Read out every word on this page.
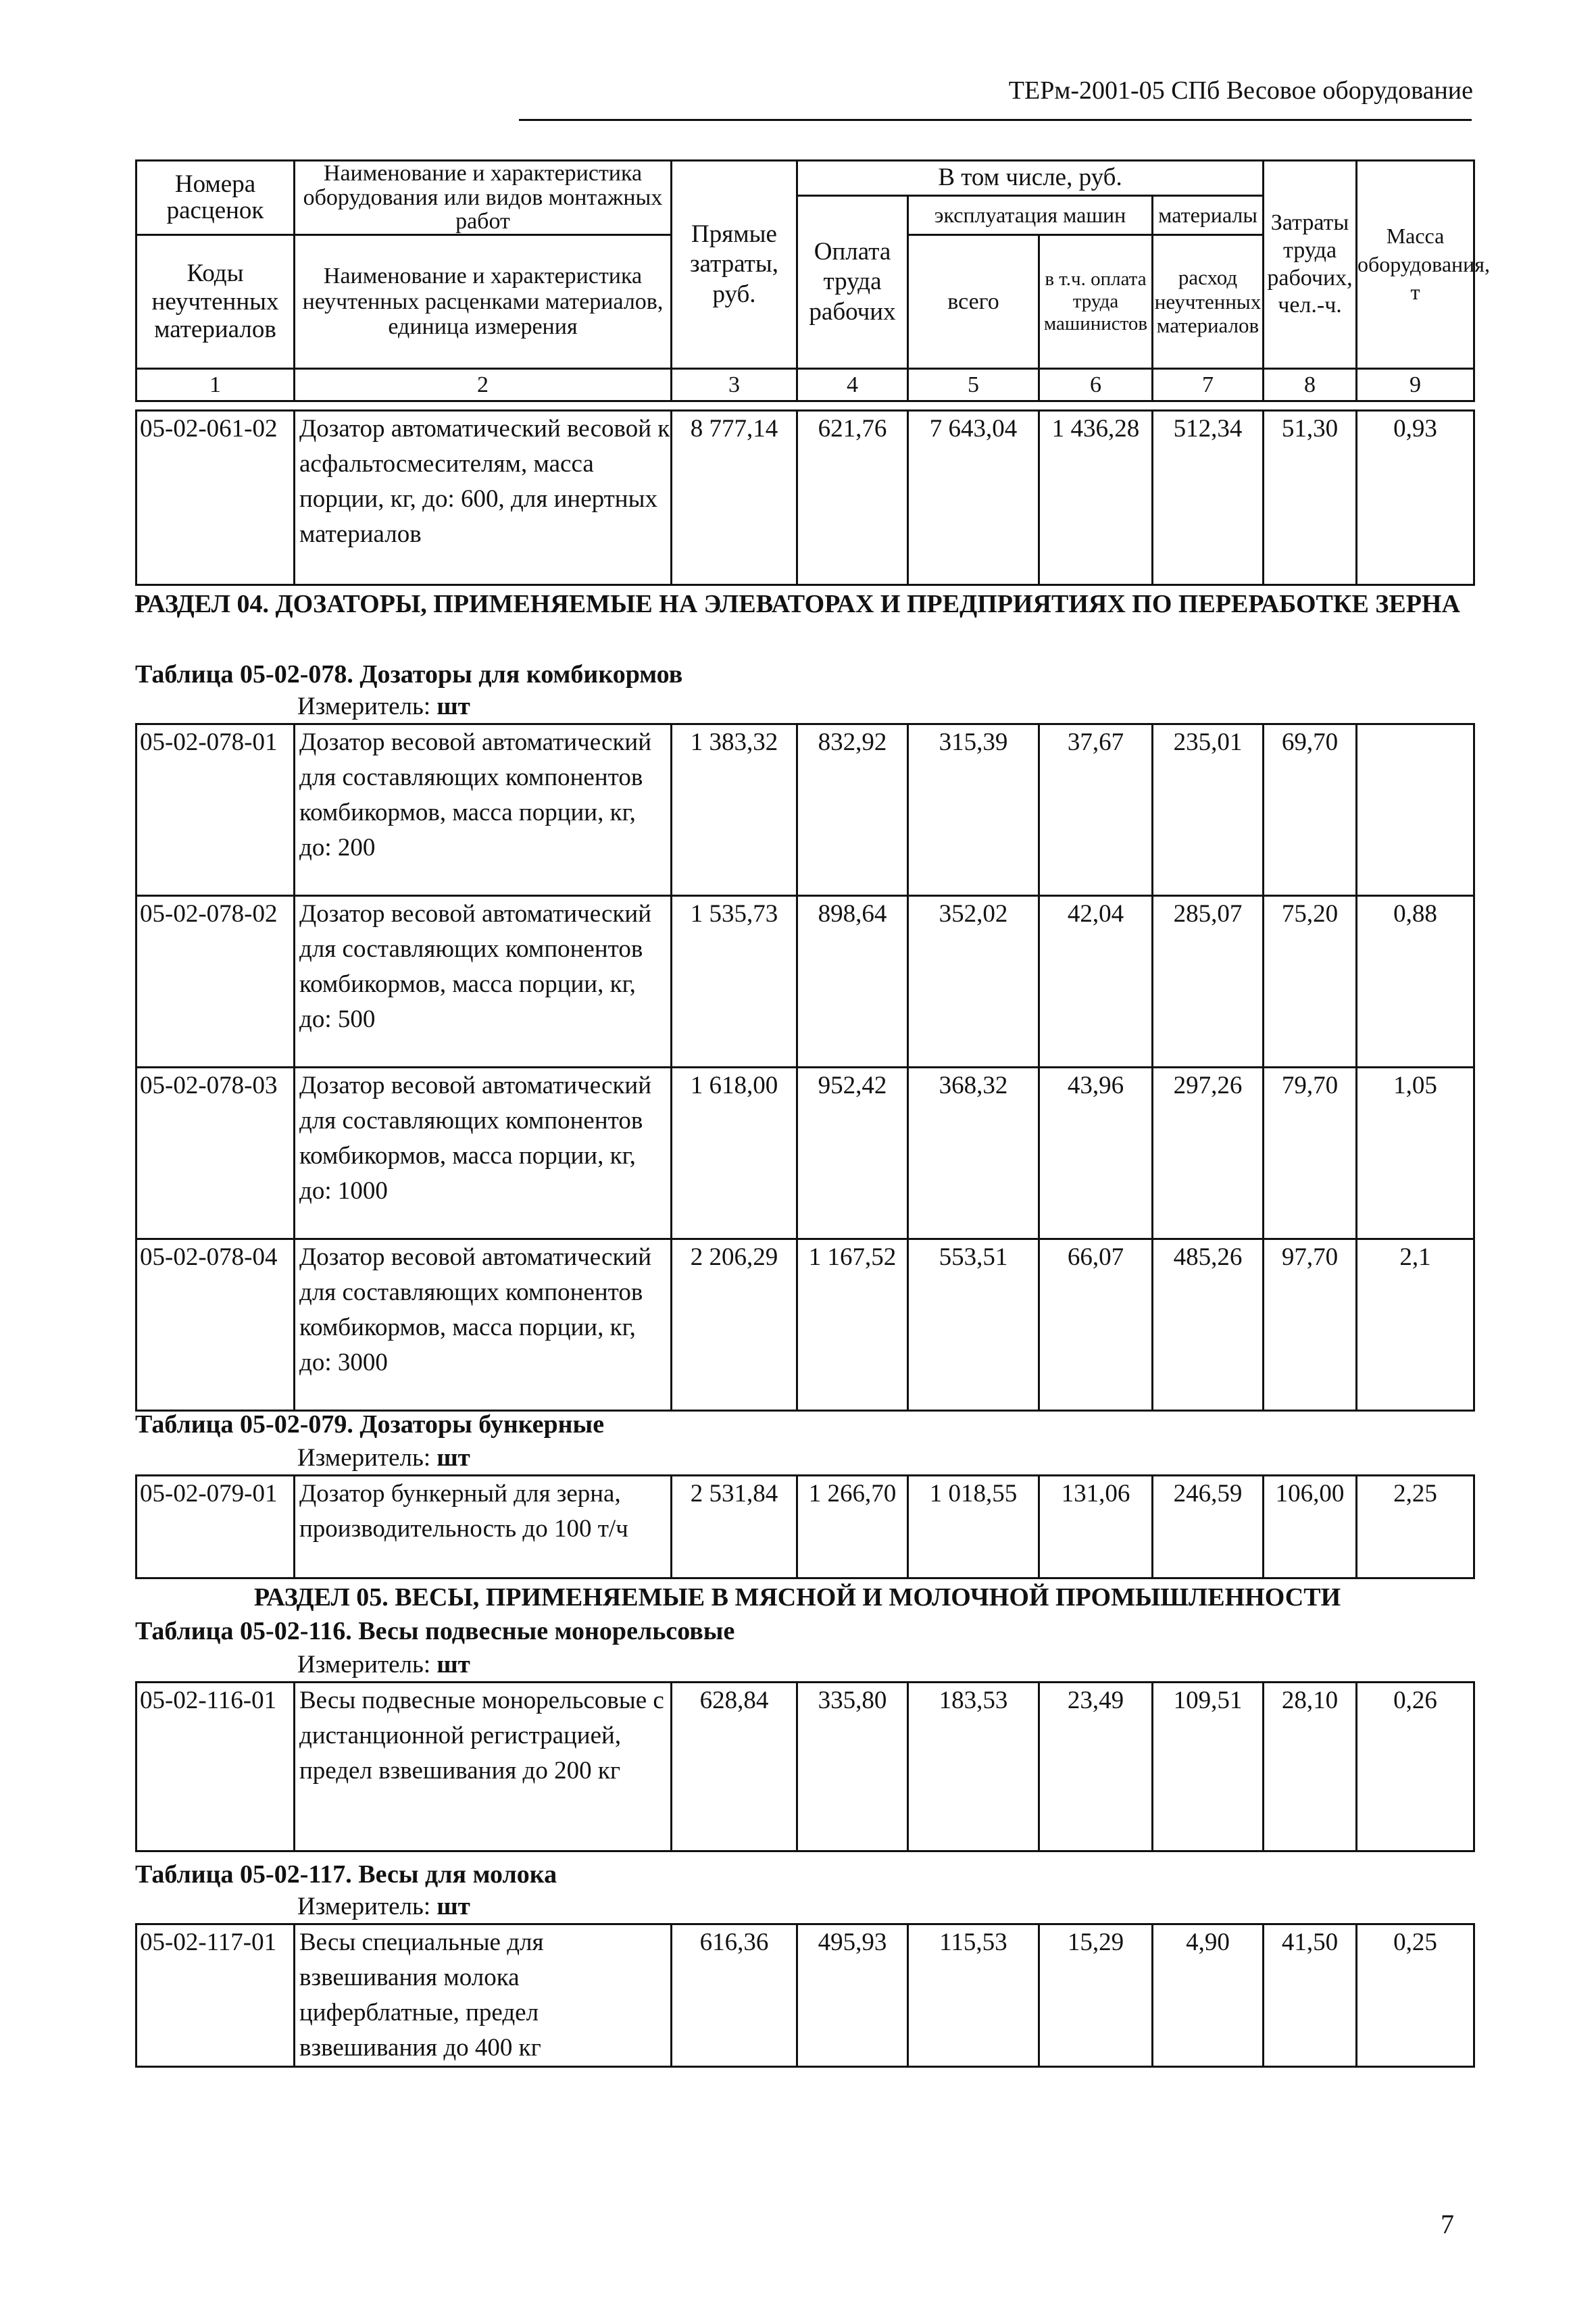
ТЕРм-2001-05 СПб Весовое оборудование
Номера расценок	Наименование и характеристика оборудования или видов монтажных работ	Прямые затраты, руб.	В том числе, руб.				Затраты труда рабочих, чел.-ч.	Масса оборудования, т
			Оплата труда рабочих	эксплуатация машин		материалы		
Коды неучтенных материалов	Наименование и характеристика неучтенных расценками материалов, единица измерения			всего	в т.ч. оплата труда машинистов	расход неучтенных материалов		

1	2	3	4	5	6	7	8	9
05-02-061-02	Дозатор автоматический весовой к асфальтосмесителям, масса порции, кг, до: 600, для инертных материалов	8 777,14	621,76	7 643,04	1 436,28	512,34	51,30	0,93
РАЗДЕЛ 04. ДОЗАТОРЫ, ПРИМЕНЯЕМЫЕ НА ЭЛЕВАТОРАХ И ПРЕДПРИЯТИЯХ ПО ПЕРЕРАБОТКЕ ЗЕРНА
Таблица 05-02-078. Дозаторы для комбикормов
Измеритель: шт
05-02-078-01	Дозатор весовой автоматический для составляющих компонентов комбикормов, масса порции, кг, до: 200	1 383,32	832,92	315,39	37,67	235,01	69,70	
05-02-078-02	Дозатор весовой автоматический для составляющих компонентов комбикормов, масса порции, кг, до: 500	1 535,73	898,64	352,02	42,04	285,07	75,20	0,88
05-02-078-03	Дозатор весовой автоматический для составляющих компонентов комбикормов, масса порции, кг, до: 1000	1 618,00	952,42	368,32	43,96	297,26	79,70	1,05
05-02-078-04	Дозатор весовой автоматический для составляющих компонентов комбикормов, масса порции, кг, до: 3000	2 206,29	1 167,52	553,51	66,07	485,26	97,70	2,1
Таблица 05-02-079. Дозаторы бункерные
Измеритель: шт
05-02-079-01	Дозатор бункерный для зерна, производительность до 100 т/ч	2 531,84	1 266,70	1 018,55	131,06	246,59	106,00	2,25
РАЗДЕЛ 05. ВЕСЫ, ПРИМЕНЯЕМЫЕ В МЯСНОЙ И МОЛОЧНОЙ ПРОМЫШЛЕННОСТИ
Таблица 05-02-116. Весы подвесные монорельсовые
Измеритель: шт
05-02-116-01	Весы подвесные монорельсовые с дистанционной регистрацией, предел взвешивания до 200 кг	628,84	335,80	183,53	23,49	109,51	28,10	0,26
Таблица 05-02-117. Весы для молока
Измеритель: шт
05-02-117-01	Весы специальные для взвешивания молока циферблатные, предел взвешивания до 400 кг	616,36	495,93	115,53	15,29	4,90	41,50	0,25
7
